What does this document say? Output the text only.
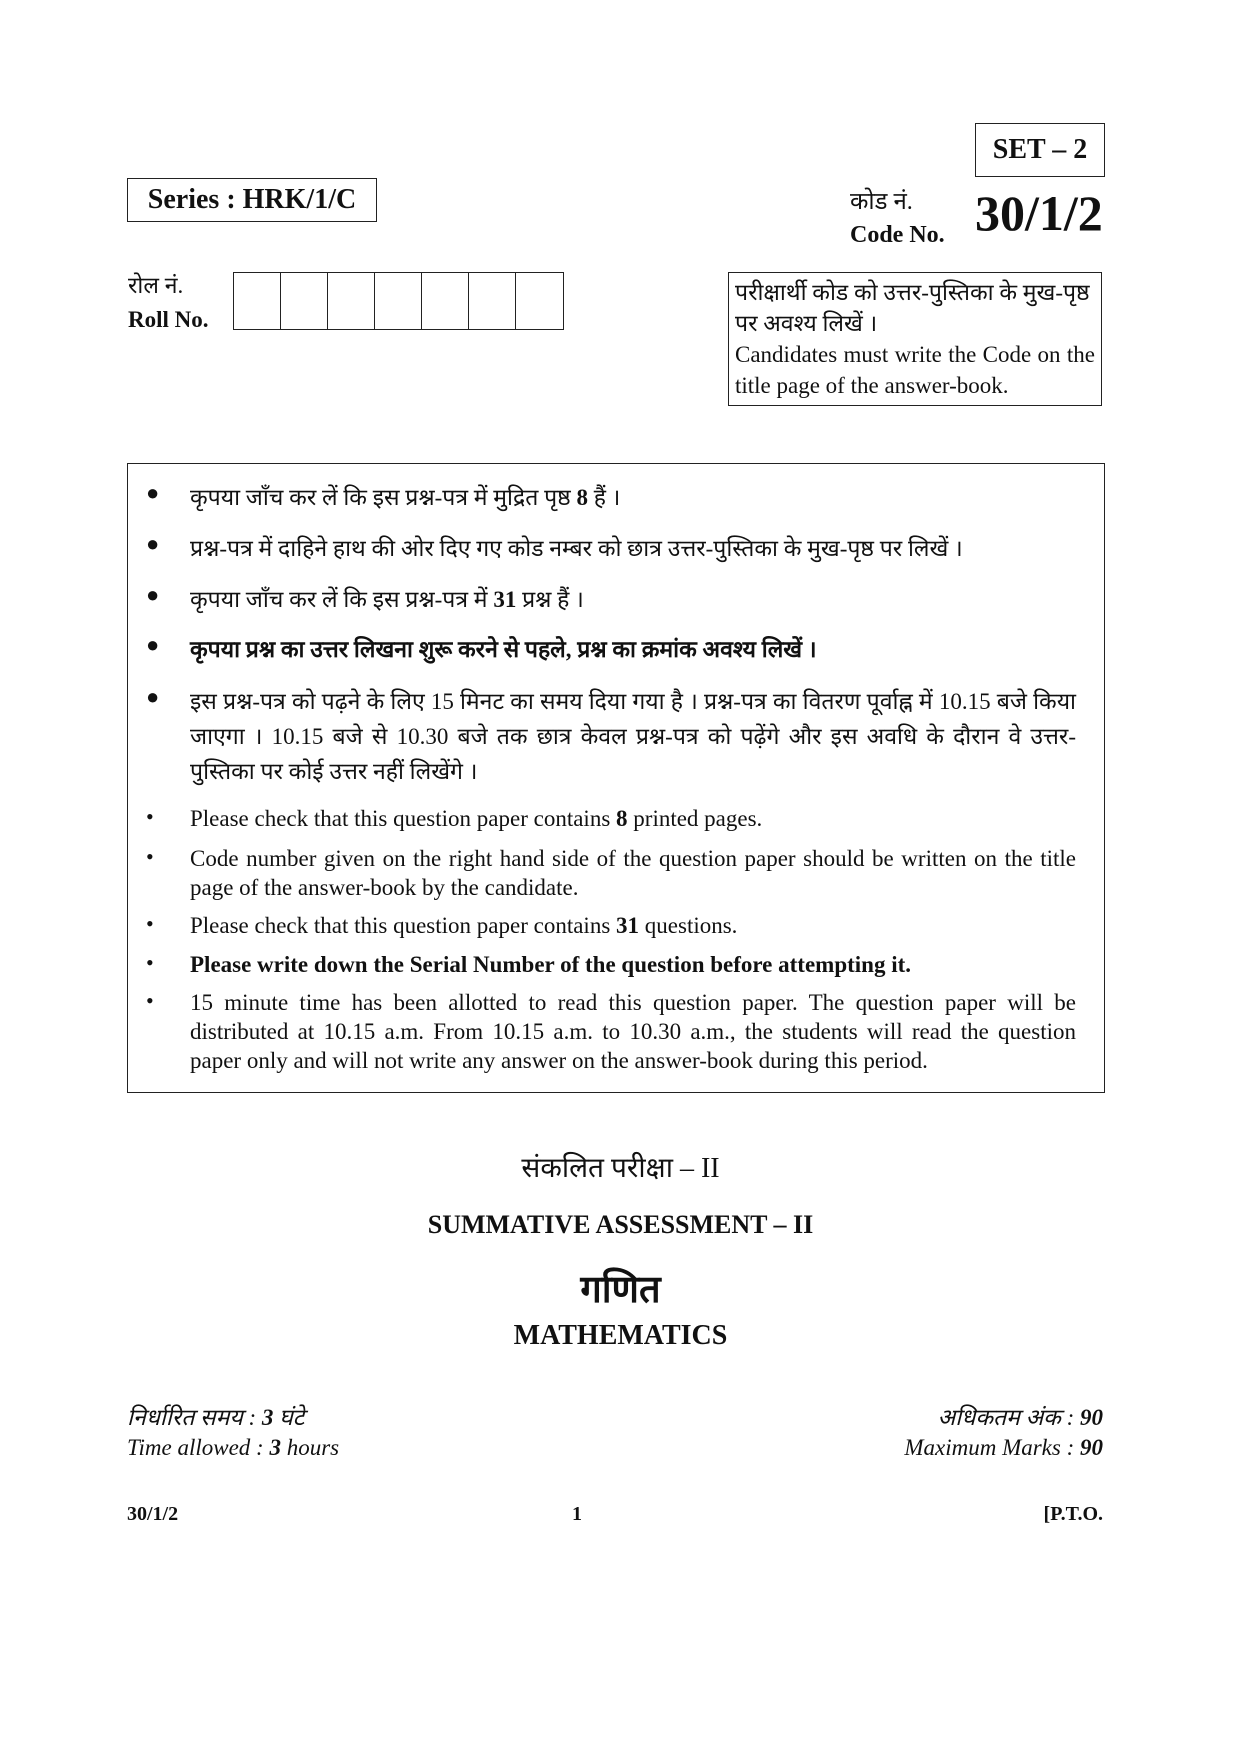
SET – 2
Series : HRK/1/C	कोड नं.
Code No. 30/1/2
रोल नं.
Roll No.
परीक्षार्थी कोड को उत्तर-पुस्तिका के मुख-पृष्ठ पर अवश्य लिखें ।
Candidates must write the Code on the title page of the answer-book.
● कृपया जाँच कर लें कि इस प्रश्न-पत्र में मुद्रित पृष्ठ 8 हैं ।
● प्रश्न-पत्र में दाहिने हाथ की ओर दिए गए कोड नम्बर को छात्र उत्तर-पुस्तिका के मुख-पृष्ठ पर लिखें ।
● कृपया जाँच कर लें कि इस प्रश्न-पत्र में 31 प्रश्न हैं ।
● कृपया प्रश्न का उत्तर लिखना शुरू करने से पहले, प्रश्न का क्रमांक अवश्य लिखें ।
● इस प्रश्न-पत्र को पढ़ने के लिए 15 मिनट का समय दिया गया है । प्रश्न-पत्र का वितरण पूर्वाह्न में 10.15 बजे किया जाएगा । 10.15 बजे से 10.30 बजे तक छात्र केवल प्रश्न-पत्र को पढ़ेंगे और इस अवधि के दौरान वे उत्तर-पुस्तिका पर कोई उत्तर नहीं लिखेंगे ।
• Please check that this question paper contains 8 printed pages.
• Code number given on the right hand side of the question paper should be written on the title page of the answer-book by the candidate.
• Please check that this question paper contains 31 questions.
• Please write down the Serial Number of the question before attempting it.
• 15 minute time has been allotted to read this question paper. The question paper will be distributed at 10.15 a.m. From 10.15 a.m. to 10.30 a.m., the students will read the question paper only and will not write any answer on the answer-book during this period.
संकलित परीक्षा – II
SUMMATIVE ASSESSMENT – II
गणित
MATHEMATICS
निर्धारित समय : 3 घंटे
Time allowed : 3 hours
अधिकतम अंक : 90
Maximum Marks : 90
30/1/2	1	[P.T.O.
